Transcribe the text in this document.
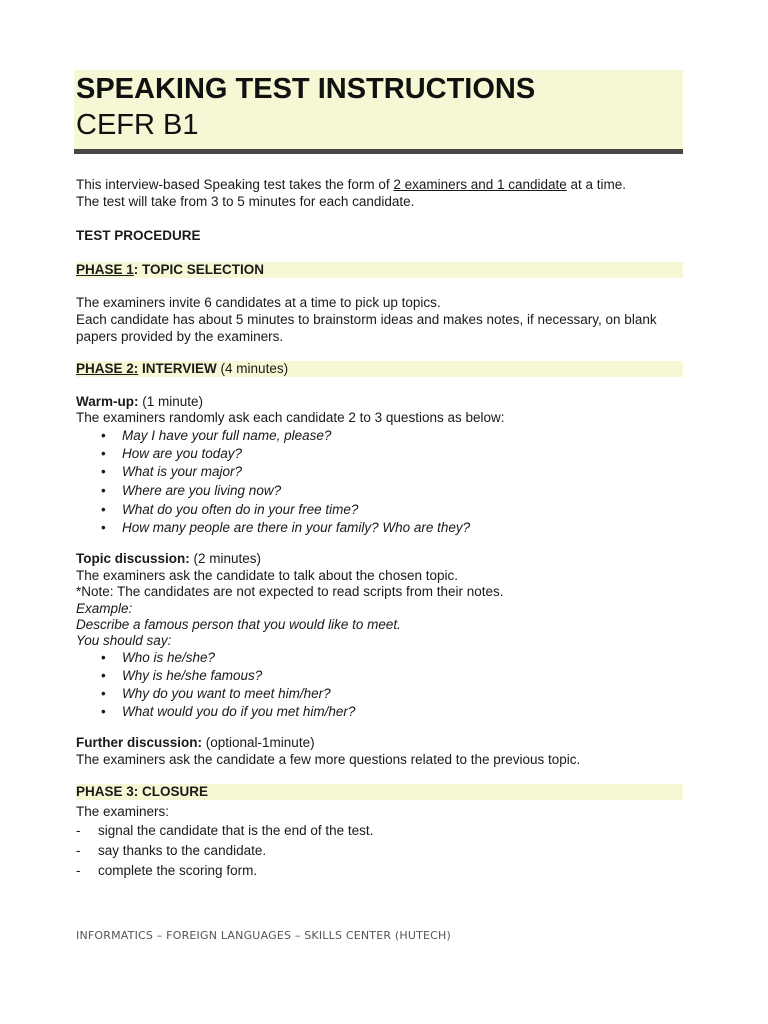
SPEAKING TEST INSTRUCTIONS
CEFR B1
This interview-based Speaking test takes the form of 2 examiners and 1 candidate at a time.
The test will take from 3 to 5 minutes for each candidate.
TEST PROCEDURE
PHASE 1: TOPIC SELECTION
The examiners invite 6 candidates at a time to pick up topics.
Each candidate has about 5 minutes to brainstorm ideas and makes notes, if necessary, on blank
papers provided by the examiners.
PHASE 2: INTERVIEW (4 minutes)
Warm-up: (1 minute)
The examiners randomly ask each candidate 2 to 3 questions as below:
• May I have your full name, please?
• How are you today?
• What is your major?
• Where are you living now?
• What do you often do in your free time?
• How many people are there in your family? Who are they?
Topic discussion: (2 minutes)
The examiners ask the candidate to talk about the chosen topic.
*Note: The candidates are not expected to read scripts from their notes.
Example:
Describe a famous person that you would like to meet.
You should say:
• Who is he/she?
• Why is he/she famous?
• Why do you want to meet him/her?
• What would you do if you met him/her?
Further discussion: (optional-1minute)
The examiners ask the candidate a few more questions related to the previous topic.
PHASE 3: CLOSURE
The examiners:
- signal the candidate that is the end of the test.
- say thanks to the candidate.
- complete the scoring form.
INFORMATICS – FOREIGN LANGUAGES – SKILLS CENTER (HUTECH)
